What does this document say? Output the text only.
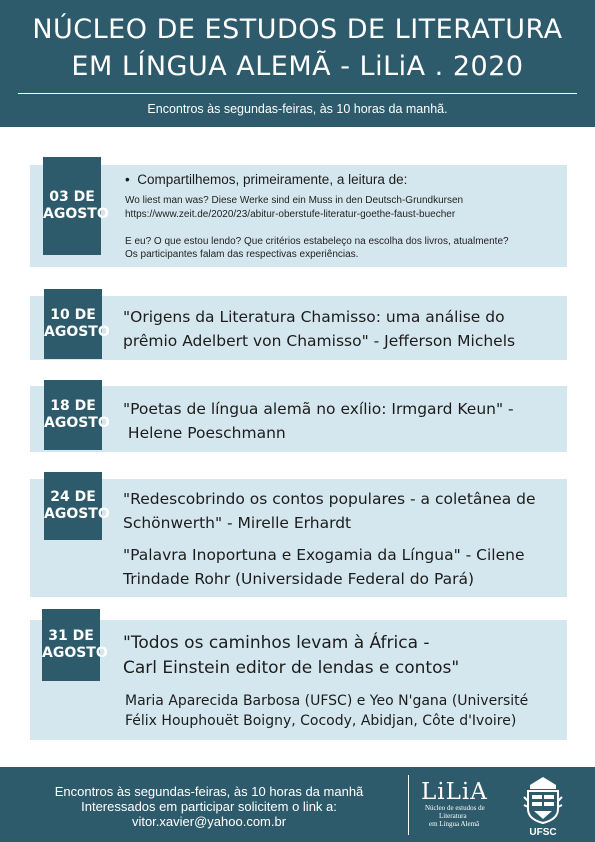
NÚCLEO DE ESTUDOS DE LITERATURA
EM LÍNGUA ALEMÃ - LiLiA . 2020
Encontros às segundas-feiras, às 10 horas da manhã.
03 DE
AGOSTO
• Compartilhemos, primeiramente, a leitura de:
Wo liest man was? Diese Werke sind ein Muss in den Deutsch-Grundkursen
https://www.zeit.de/2020/23/abitur-oberstufe-literatur-goethe-faust-buecher
E eu? O que estou lendo? Que critérios estabeleço na escolha dos livros, atualmente?
Os participantes falam das respectivas experiências.
10 DE
AGOSTO
"Origens da Literatura Chamisso: uma análise do
prêmio Adelbert von Chamisso" - Jefferson Michels
18 DE
AGOSTO
"Poetas de língua alemã no exílio: Irmgard Keun" -
Helene Poeschmann
24 DE
AGOSTO
"Redescobrindo os contos populares - a coletânea de
Schönwerth" - Mirelle Erhardt
"Palavra Inoportuna e Exogamia da Língua" - Cilene
Trindade Rohr (Universidade Federal do Pará)
31 DE
AGOSTO "Todos os caminhos levam à África -
Carl Einstein editor de lendas e contos"
Maria Aparecida Barbosa (UFSC) e Yeo N'gana (Université
Félix Houphouët Boigny, Cocody, Abidjan, Côte d'Ivoire)
Encontros às segundas-feiras, às 10 horas da manhã
Interessados em participar solicitem o link a:
vitor.xavier@yahoo.com.br
LiLiA
Núcleo de estudos de
Literatura
em Língua Alemã
UFSC
